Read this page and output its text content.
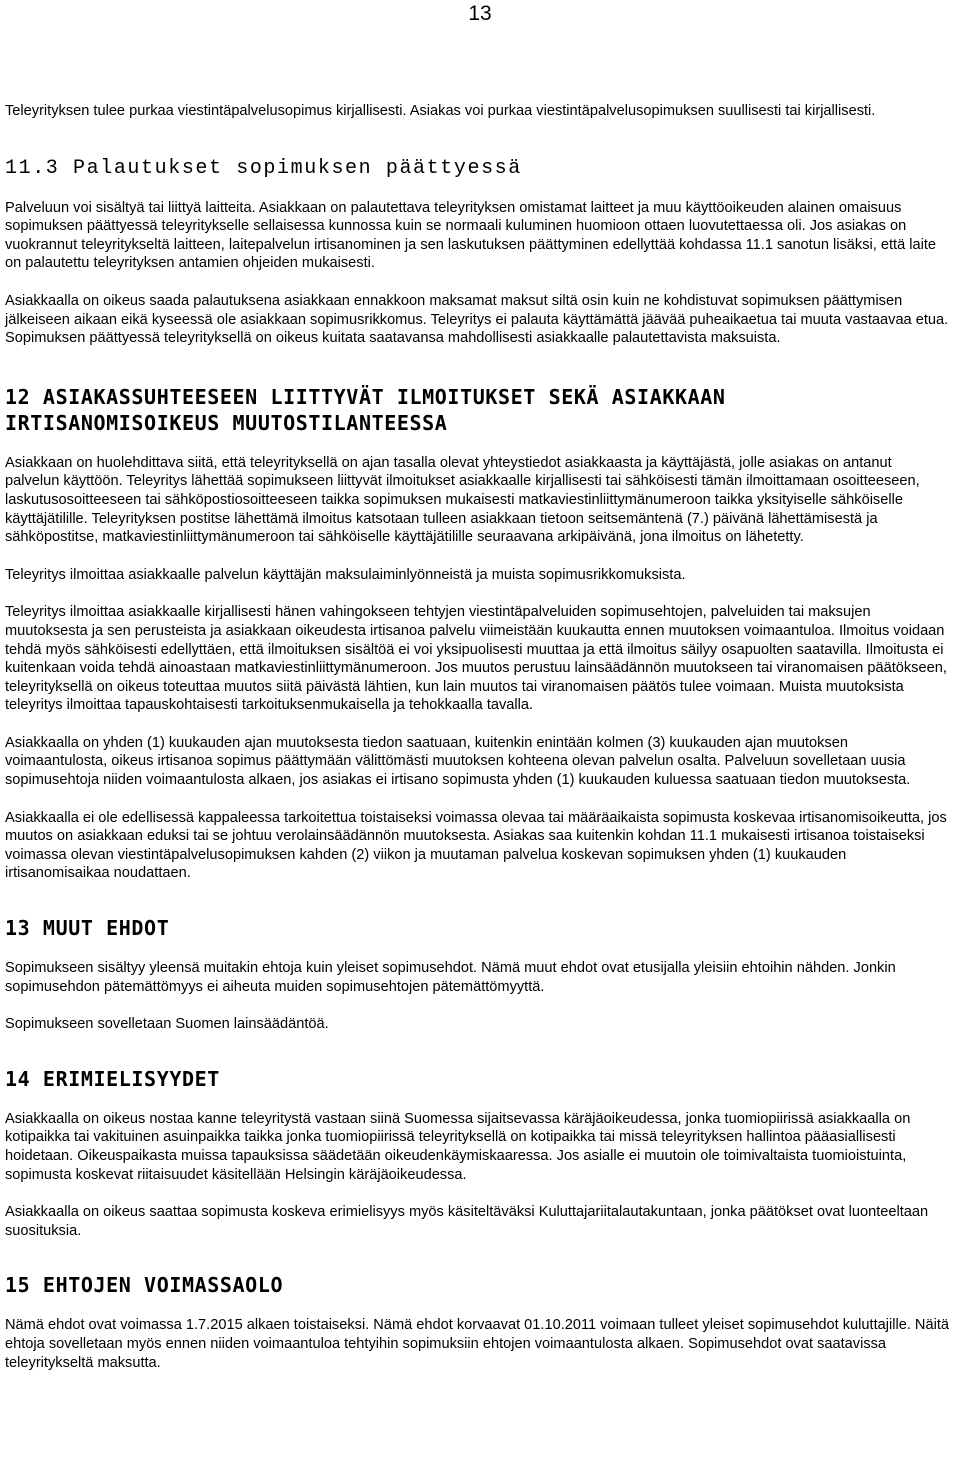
13

Teleyrityksen tulee purkaa viestintäpalvelusopimus kirjallisesti. Asiakas voi purkaa viestintäpalvelusopimuksen suullisesti tai kirjallisesti.

11.3 Palautukset sopimuksen päättyessä

Palveluun voi sisältyä tai liittyä laitteita. Asiakkaan on palautettava teleyrityksen omistamat laitteet ja muu käyttöoikeuden alainen omaisuus sopimuksen päättyessä teleyritykselle sellaisessa kunnossa kuin se normaali kuluminen huomioon ottaen luovutettaessa oli. Jos asiakas on vuokrannut teleyritykseltä laitteen, laitepalvelun irtisanominen ja sen laskutuksen päättyminen edellyttää kohdassa 11.1 sanotun lisäksi, että laite on palautettu teleyrityksen antamien ohjeiden mukaisesti.

Asiakkaalla on oikeus saada palautuksena asiakkaan ennakkoon maksamat maksut siltä osin kuin ne kohdistuvat sopimuksen päättymisen jälkeiseen aikaan eikä kyseessä ole asiakkaan sopimusrikkomus. Teleyritys ei palauta käyttämättä jäävää puheaikaetua tai muuta vastaavaa etua. Sopimuksen päättyessä teleyrityksellä on oikeus kuitata saatavansa mahdollisesti asiakkaalle palautettavista maksuista.

12 ASIAKASSUHTEESEEN LIITTYVÄT ILMOITUKSET SEKÄ ASIAKKAAN IRTISANOMISOIKEUS MUUTOSTILANTEESSA

Asiakkaan on huolehdittava siitä, että teleyrityksellä on ajan tasalla olevat yhteystiedot asiakkaasta ja käyttäjästä, jolle asiakas on antanut palvelun käyttöön. Teleyritys lähettää sopimukseen liittyvät ilmoitukset asiakkaalle kirjallisesti tai sähköisesti tämän ilmoittamaan osoitteeseen, laskutusosoitteeseen tai sähköpostiosoitteeseen taikka sopimuksen mukaisesti matkaviestinliittymänumeroon taikka yksityiselle sähköiselle käyttäjätilille. Teleyrityksen postitse lähettämä ilmoitus katsotaan tulleen asiakkaan tietoon seitsemäntenä (7.) päivänä lähettämisestä ja sähköpostitse, matkaviestinliittymänumeroon tai sähköiselle käyttäjätilille seuraavana arkipäivänä, jona ilmoitus on lähetetty.

Teleyritys ilmoittaa asiakkaalle palvelun käyttäjän maksulaiminlyönneistä ja muista sopimusrikkomuksista.

Teleyritys ilmoittaa asiakkaalle kirjallisesti hänen vahingokseen tehtyjen viestintäpalveluiden sopimusehtojen, palveluiden tai maksujen muutoksesta ja sen perusteista ja asiakkaan oikeudesta irtisanoa palvelu viimeistään kuukautta ennen muutoksen voimaantuloa. Ilmoitus voidaan tehdä myös sähköisesti edellyttäen, että ilmoituksen sisältöä ei voi yksipuolisesti muuttaa ja että ilmoitus säilyy osapuolten saatavilla. Ilmoitusta ei kuitenkaan voida tehdä ainoastaan matkaviestinliittymänumeroon. Jos muutos perustuu lainsäädännön muutokseen tai viranomaisen päätökseen, teleyrityksellä on oikeus toteuttaa muutos siitä päivästä lähtien, kun lain muutos tai viranomaisen päätös tulee voimaan. Muista muutoksista teleyritys ilmoittaa tapauskohtaisesti tarkoituksenmukaisella ja tehokkaalla tavalla.

Asiakkaalla on yhden (1) kuukauden ajan muutoksesta tiedon saatuaan, kuitenkin enintään kolmen (3) kuukauden ajan muutoksen voimaantulosta, oikeus irtisanoa sopimus päättymään välittömästi muutoksen kohteena olevan palvelun osalta. Palveluun sovelletaan uusia sopimusehtoja niiden voimaantulosta alkaen, jos asiakas ei irtisano sopimusta yhden (1) kuukauden kuluessa saatuaan tiedon muutoksesta.

Asiakkaalla ei ole edellisessä kappaleessa tarkoitettua toistaiseksi voimassa olevaa tai määräaikaista sopimusta koskevaa irtisanomisoikeutta, jos muutos on asiakkaan eduksi tai se johtuu verolainsäädännön muutoksesta. Asiakas saa kuitenkin kohdan 11.1 mukaisesti irtisanoa toistaiseksi voimassa olevan viestintäpalvelusopimuksen kahden (2) viikon ja muutaman palvelua koskevan sopimuksen yhden (1) kuukauden irtisanomisaikaa noudattaen.

13 MUUT EHDOT

Sopimukseen sisältyy yleensä muitakin ehtoja kuin yleiset sopimusehdot. Nämä muut ehdot ovat etusijalla yleisiin ehtoihin nähden. Jonkin sopimusehdon pätemättömyys ei aiheuta muiden sopimusehtojen pätemättömyyttä.

Sopimukseen sovelletaan Suomen lainsäädäntöä.

14 ERIMIELISYYDET

Asiakkaalla on oikeus nostaa kanne teleyritystä vastaan siinä Suomessa sijaitsevassa käräjäoikeudessa, jonka tuomiopiirissä asiakkaalla on kotipaikka tai vakituinen asuinpaikka taikka jonka tuomiopiirissä teleyrityksellä on kotipaikka tai missä teleyrityksen hallintoa pääasiallisesti hoidetaan. Oikeuspaikasta muissa tapauksissa säädetään oikeudenkäymiskaaressa. Jos asialle ei muutoin ole toimivaltaista tuomioistuinta, sopimusta koskevat riitaisuudet käsitellään Helsingin käräjäoikeudessa.

Asiakkaalla on oikeus saattaa sopimusta koskeva erimielisyys myös käsiteltäväksi Kuluttajariitalautakuntaan, jonka päätökset ovat luonteeltaan suosituksia.

15 EHTOJEN VOIMASSAOLO

Nämä ehdot ovat voimassa 1.7.2015 alkaen toistaiseksi. Nämä ehdot korvaavat 01.10.2011 voimaan tulleet yleiset sopimusehdot kuluttajille. Näitä ehtoja sovelletaan myös ennen niiden voimaantuloa tehtyihin sopimuksiin ehtojen voimaantulosta alkaen. Sopimusehdot ovat saatavissa teleyritykseltä maksutta.
